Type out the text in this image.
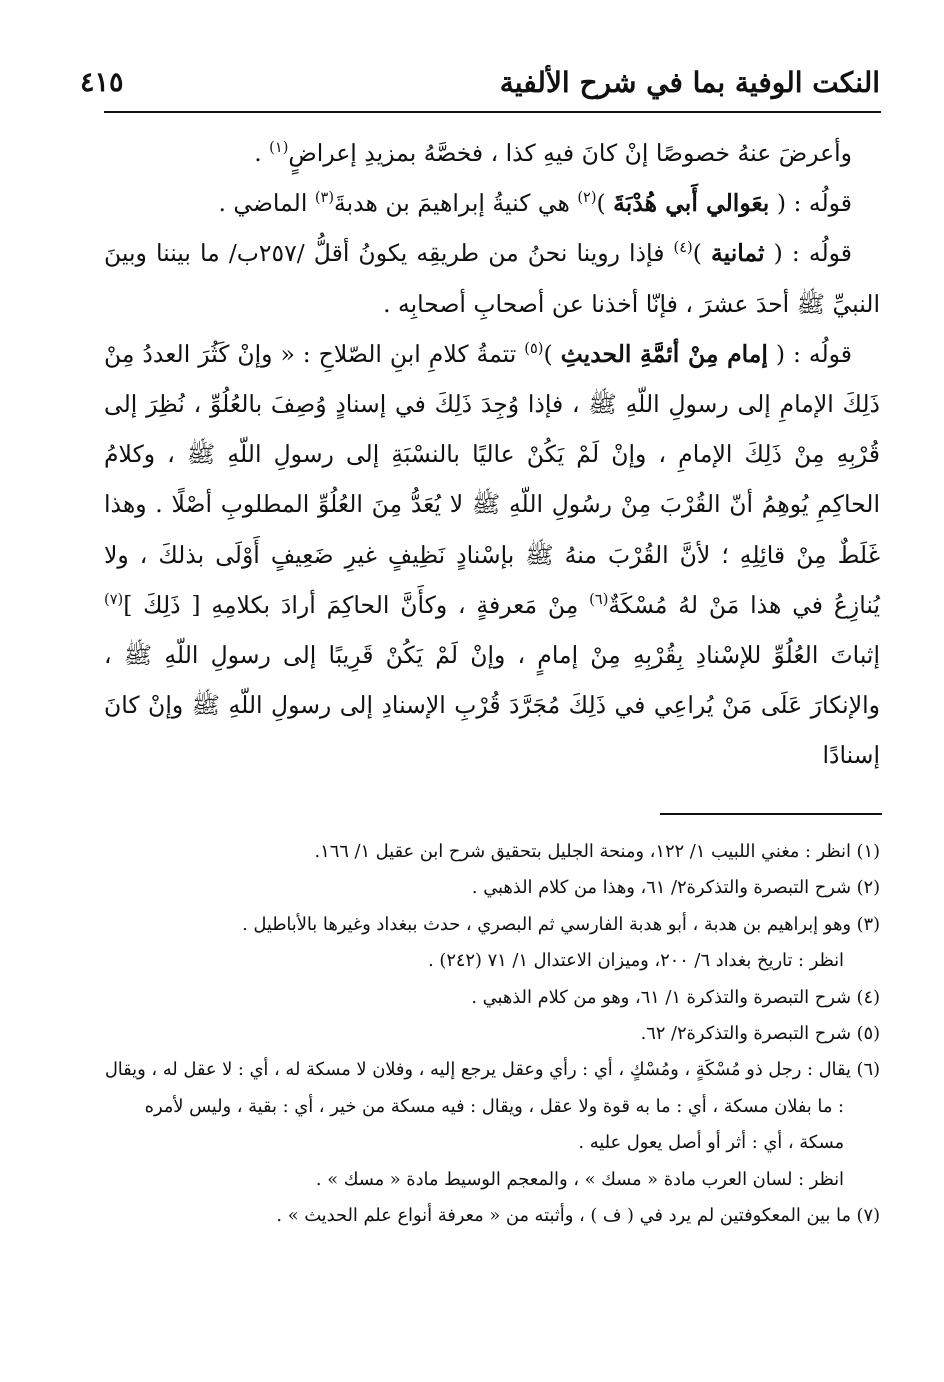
النكت الوفية بما في شرح الألفية
٤١٥

وأعرضَ عنهُ خصوصًا إنْ كانَ فيهِ كذا ، فخصَّهُ بمزيدِ إعراضٍ$^{(١)}$ .

قولُه : ( بعَوالي أَبي هُدْبَةَ )$^{(٢)}$ هي كنيةُ إبراهيمَ بن هدبةَ$^{(٣)}$ الماضي .

قولُه : ( ثمانية )$^{(٤)}$ فإذا روينا نحنُ من طريقِه يكونُ أقلُّ /٢٥٧ب/ ما بيننا وبينَ النبيِّ ﷺ أحدَ عشرَ ، فإنّا أخذنا عن أصحابِ أصحابِه .

قولُه : ( إمام مِنْ أئمَّةِ الحديثِ )$^{(٥)}$ تتمةُ كلامِ ابنِ الصّلاحِ : « وإنْ كَثُرَ العددُ مِنْ ذَلِكَ الإمامِ إلى رسولِ اللّهِ ﷺ ، فإذا وُجِدَ ذَلِكَ في إسنادٍ وُصِفَ بالعُلُوِّ ، نُظِرَ إلى قُرْبِهِ مِنْ ذَلِكَ الإمامِ ، وإنْ لَمْ يَكُنْ عاليًا بالنسْبَةِ إلى رسولِ اللّهِ ﷺ ، وكلامُ الحاكِمِ يُوهِمُ أنّ القُرْبَ مِنْ رسُولِ اللّهِ ﷺ لا يُعَدُّ مِنَ العُلُوِّ المطلوبِ أصْلًا . وهذا غَلَطٌ مِنْ قائِلِهِ ؛ لأنَّ القُرْبَ منهُ ﷺ بإسْنادٍ نَظِيفٍ غيرِ ضَعِيفٍ أَوْلَى بذلكَ ، ولا يُنازِعُ في هذا مَنْ لهُ مُسْكَةٌ$^{(٦)}$ مِنْ مَعرفةٍ ، وكأَنَّ الحاكِمَ أرادَ بكلامِهِ [ ذَلِكَ ]$^{(٧)}$ إثباتَ العُلُوِّ للإسْنادِ بِقُرْبِهِ مِنْ إمامٍ ، وإنْ لَمْ يَكُنْ قَرِيبًا إلى رسولِ اللّهِ ﷺ ، والإنكارَ عَلَى مَنْ يُراعِي في ذَلِكَ مُجَرَّدَ قُرْبِ الإسنادِ إلى رسولِ اللّهِ ﷺ وإنْ كانَ إسنادًا

(١) انظر : مغني اللبيب ١/ ١٢٢، ومنحة الجليل بتحقيق شرح ابن عقيل ١/ ١٦٦.

(٢) شرح التبصرة والتذكرة٢/ ٦١، وهذا من كلام الذهبي .

(٣) وهو إبراهيم بن هدبة ، أبو هدبة الفارسي ثم البصري ، حدث ببغداد وغيرها بالأباطيل .

انظر : تاريخ بغداد ٦/ ٢٠٠، وميزان الاعتدال ١/ ٧١ (٢٤٢) .

(٤) شرح التبصرة والتذكرة ١/ ٦١، وهو من كلام الذهبي .

(٥) شرح التبصرة والتذكرة٢/ ٦٢.

(٦) يقال : رجل ذو مُسْكَةٍ ، ومُسْكٍ ، أي : رأي وعقل يرجع إليه ، وفلان لا مسكة له ، أي : لا عقل له ، ويقال : ما بفلان مسكة ، أي : ما به قوة ولا عقل ، ويقال : فيه مسكة من خير ، أي : بقية ، وليس لأمره مسكة ، أي : أثر أو أصل يعول عليه .

انظر : لسان العرب مادة « مسك » ، والمعجم الوسيط مادة « مسك » .

(٧) ما بين المعكوفتين لم يرد في ( ف ) ، وأثبته من « معرفة أنواع علم الحديث » .
